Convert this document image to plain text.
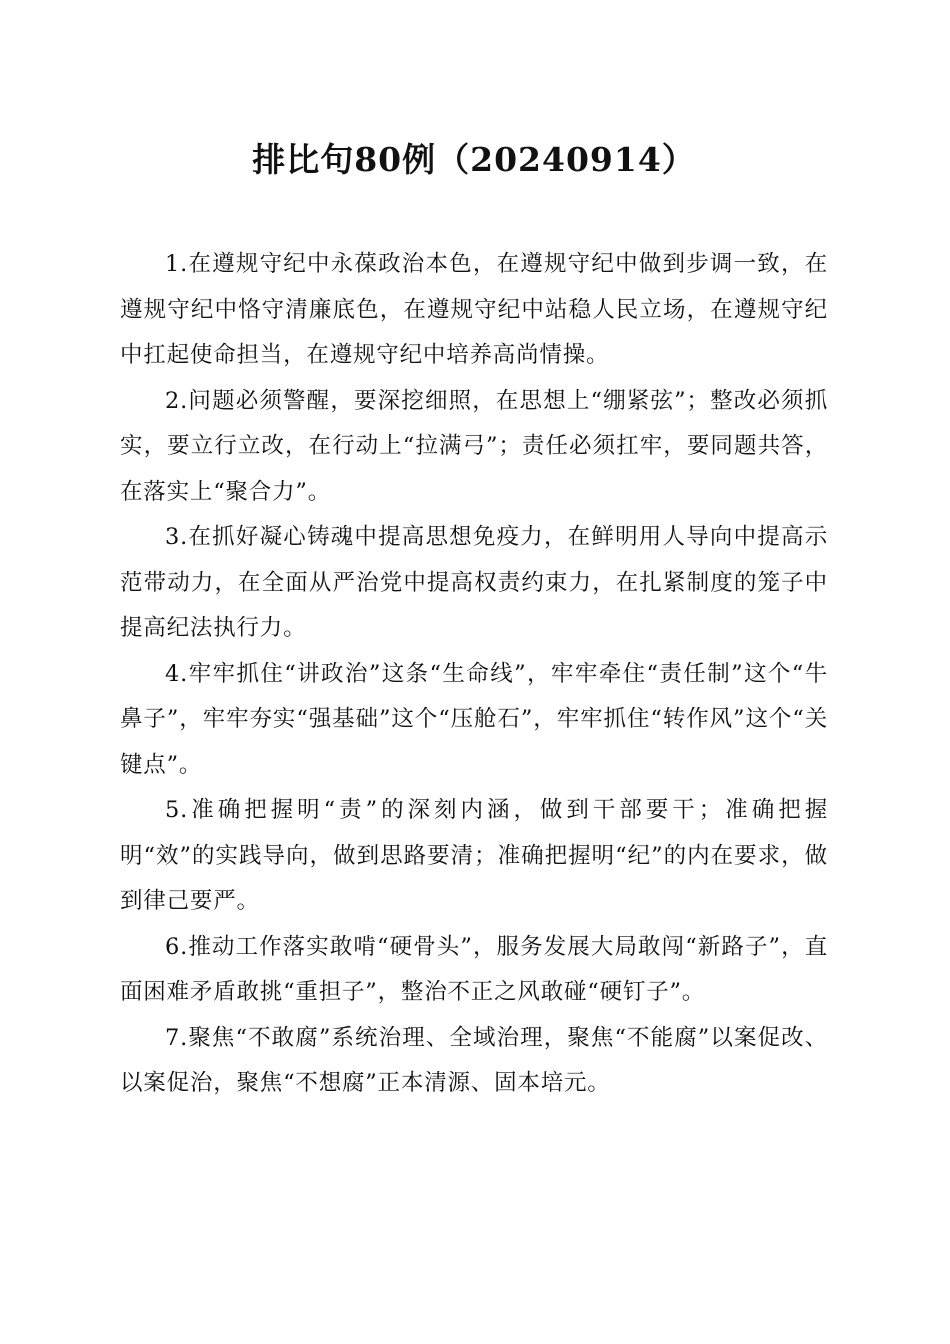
排比句80例（20240914）

1.在遵规守纪中永葆政治本色，在遵规守纪中做到步调一致，在遵规守纪中恪守清廉底色，在遵规守纪中站稳人民立场，在遵规守纪中扛起使命担当，在遵规守纪中培养高尚情操。

2.问题必须警醒，要深挖细照，在思想上“绷紧弦”；整改必须抓实，要立行立改，在行动上“拉满弓”；责任必须扛牢，要同题共答，在落实上“聚合力”。

3.在抓好凝心铸魂中提高思想免疫力，在鲜明用人导向中提高示范带动力，在全面从严治党中提高权责约束力，在扎紧制度的笼子中提高纪法执行力。

4.牢牢抓住“讲政治”这条“生命线”，牢牢牵住“责任制”这个“牛鼻子”，牢牢夯实“强基础”这个“压舱石”，牢牢抓住“转作风”这个“关键点”。

5.准确把握明“责”的深刻内涵，做到干部要干；准确把握明“效”的实践导向，做到思路要清；准确把握明“纪”的内在要求，做到律己要严。

6.推动工作落实敢啃“硬骨头”，服务发展大局敢闯“新路子”，直面困难矛盾敢挑“重担子”，整治不正之风敢碰“硬钉子”。

7.聚焦“不敢腐”系统治理、全域治理，聚焦“不能腐”以案促改、以案促治，聚焦“不想腐”正本清源、固本培元。
